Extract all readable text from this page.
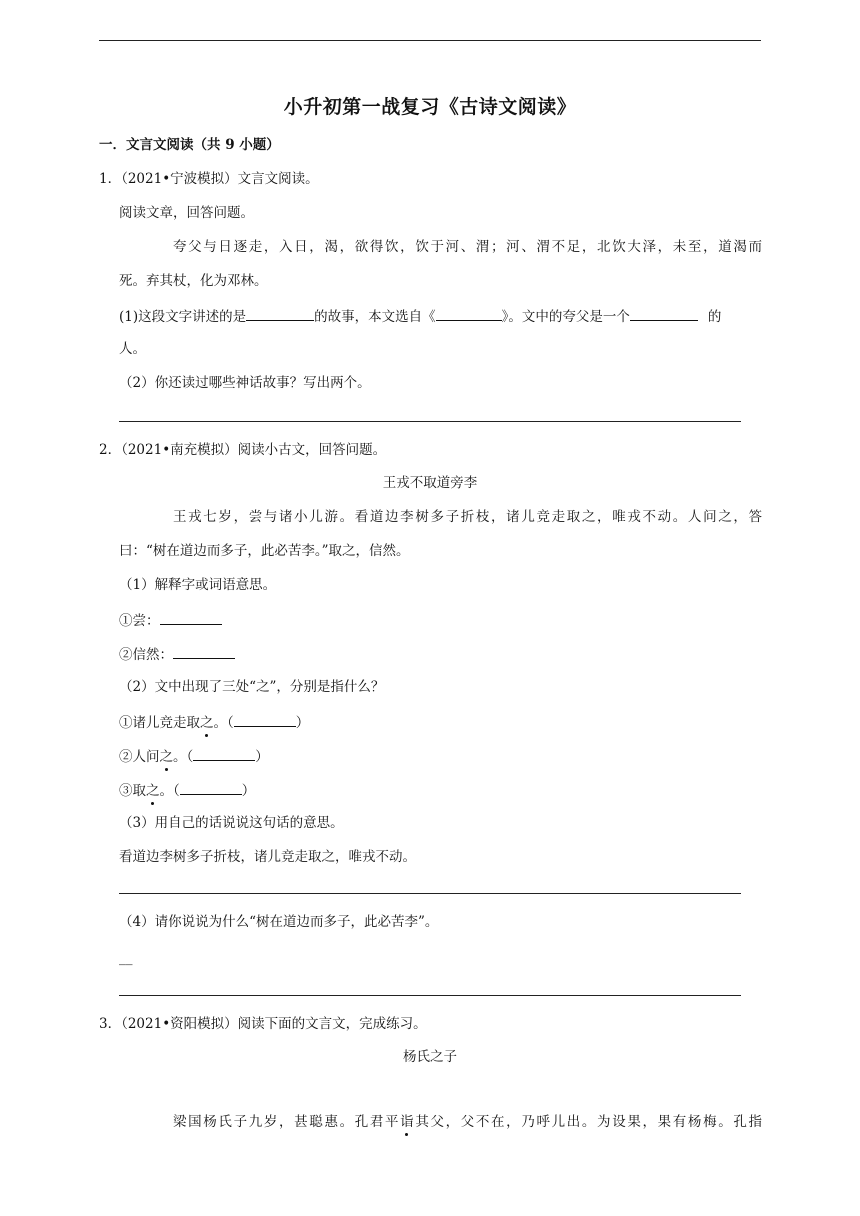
小升初第一战复习《古诗文阅读》
一．文言文阅读（共 9 小题）
1．（2021•宁波模拟）文言文阅读。
阅读文章，回答问题。
夸父与日逐走，入日，渴，欲得饮，饮于河、渭；河、渭不足，北饮大泽，未至，道渴而
死。弃其杖，化为邓林。
(1)这段文字讲述的是	的故事，本文选自《	》。文中的夸父是一个	的
人。
（2）你还读过哪些神话故事？写出两个。
2．（2021•南充模拟）阅读小古文，回答问题。
王戎不取道旁李
王戎七岁，尝与诸小儿游。看道边李树多子折枝，诸儿竞走取之，唯戎不动。人问之，答
曰：“树在道边而多子，此必苦李。”取之，信然。
（1）解释字或词语意思。
①尝：
②信然：
（2）文中出现了三处“之”，分别是指什么？
①诸儿竞走取之。（	）
②人问之。（	）
③取之。（	）
（3）用自己的话说说这句话的意思。
看道边李树多子折枝，诸儿竞走取之，唯戎不动。
（4）请你说说为什么“树在道边而多子，此必苦李”。
__
3．（2021•资阳模拟）阅读下面的文言文，完成练习。
杨氏之子
梁国杨氏子九岁，甚聪惠。孔君平诣其父，父不在，乃呼儿出。为设果，果有杨梅。孔指
